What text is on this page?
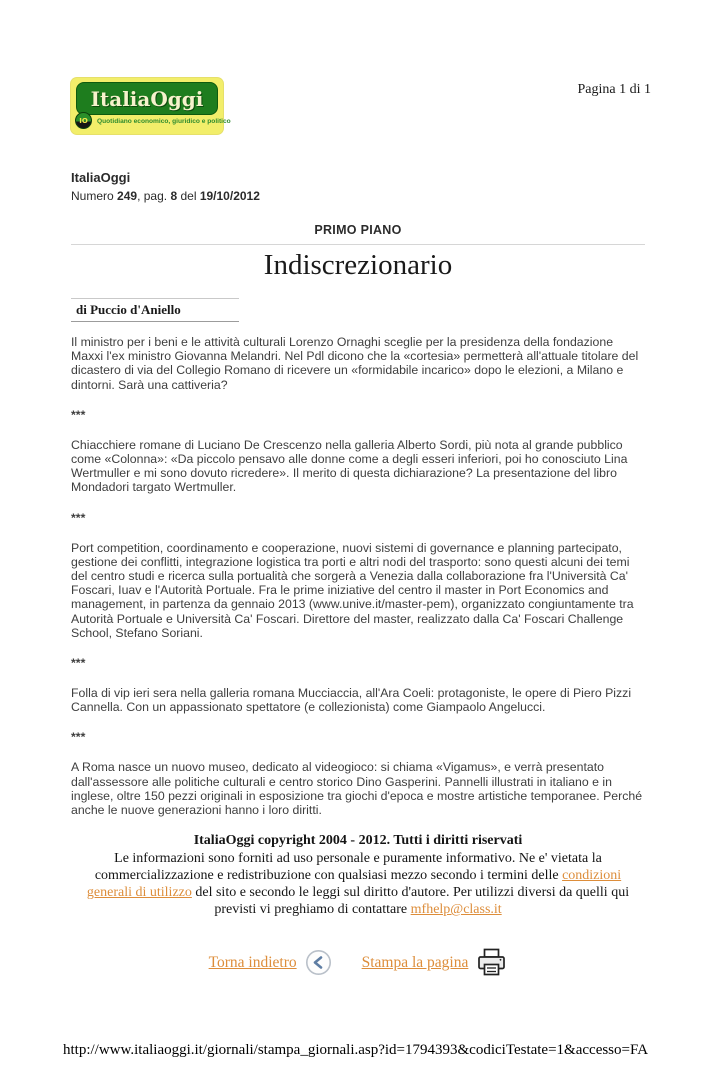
Pagina 1 di 1
ItaliaOggi
IO	Quotidiano economico, giuridico e politico
ItaliaOggi
Numero 249, pag. 8 del 19/10/2012
PRIMO PIANO
Indiscrezionario
di Puccio d'Aniello

Il ministro per i beni e le attività culturali Lorenzo Ornaghi sceglie per la presidenza della fondazione Maxxi l'ex ministro Giovanna Melandri. Nel Pdl dicono che la «cortesia» permetterà all'attuale titolare del dicastero di via del Collegio Romano di ricevere un «formidabile incarico» dopo le elezioni, a Milano e dintorni. Sarà una cattiveria?

***

Chiacchiere romane di Luciano De Crescenzo nella galleria Alberto Sordi, più nota al grande pubblico come «Colonna»: «Da piccolo pensavo alle donne come a degli esseri inferiori, poi ho conosciuto Lina Wertmuller e mi sono dovuto ricredere». Il merito di questa dichiarazione? La presentazione del libro Mondadori targato Wertmuller.

***

Port competition, coordinamento e cooperazione, nuovi sistemi di governance e planning partecipato, gestione dei conflitti, integrazione logistica tra porti e altri nodi del trasporto: sono questi alcuni dei temi del centro studi e ricerca sulla portualità che sorgerà a Venezia dalla collaborazione fra l'Università Ca' Foscari, Iuav e l'Autorità Portuale. Fra le prime iniziative del centro il master in Port Economics and management, in partenza da gennaio 2013 (www.unive.it/master-pem), organizzato congiuntamente tra Autorità Portuale e Università Ca' Foscari. Direttore del master, realizzato dalla Ca' Foscari Challenge School, Stefano Soriani.

***

Folla di vip ieri sera nella galleria romana Mucciaccia, all'Ara Coeli: protagoniste, le opere di Piero Pizzi Cannella. Con un appassionato spettatore (e collezionista) come Giampaolo Angelucci.

***

A Roma nasce un nuovo museo, dedicato al videogioco: si chiama «Vigamus», e verrà presentato dall'assessore alle politiche culturali e centro storico Dino Gasperini. Pannelli illustrati in italiano e in inglese, oltre 150 pezzi originali in esposizione tra giochi d'epoca e mostre artistiche temporanee. Perché anche le nuove generazioni hanno i loro diritti.

ItaliaOggi copyright 2004 - 2012. Tutti i diritti riservati
Le informazioni sono forniti ad uso personale e puramente informativo. Ne e' vietata la commercializzazione e redistribuzione con qualsiasi mezzo secondo i termini delle condizioni generali di utilizzo del sito e secondo le leggi sul diritto d'autore. Per utilizzi diversi da quelli qui previsti vi preghiamo di contattare mfhelp@class.it
Torna indietro	Stampa la pagina
http://www.italiaoggi.it/giornali/stampa_giornali.asp?id=1794393&codiciTestate=1&accesso=FA
